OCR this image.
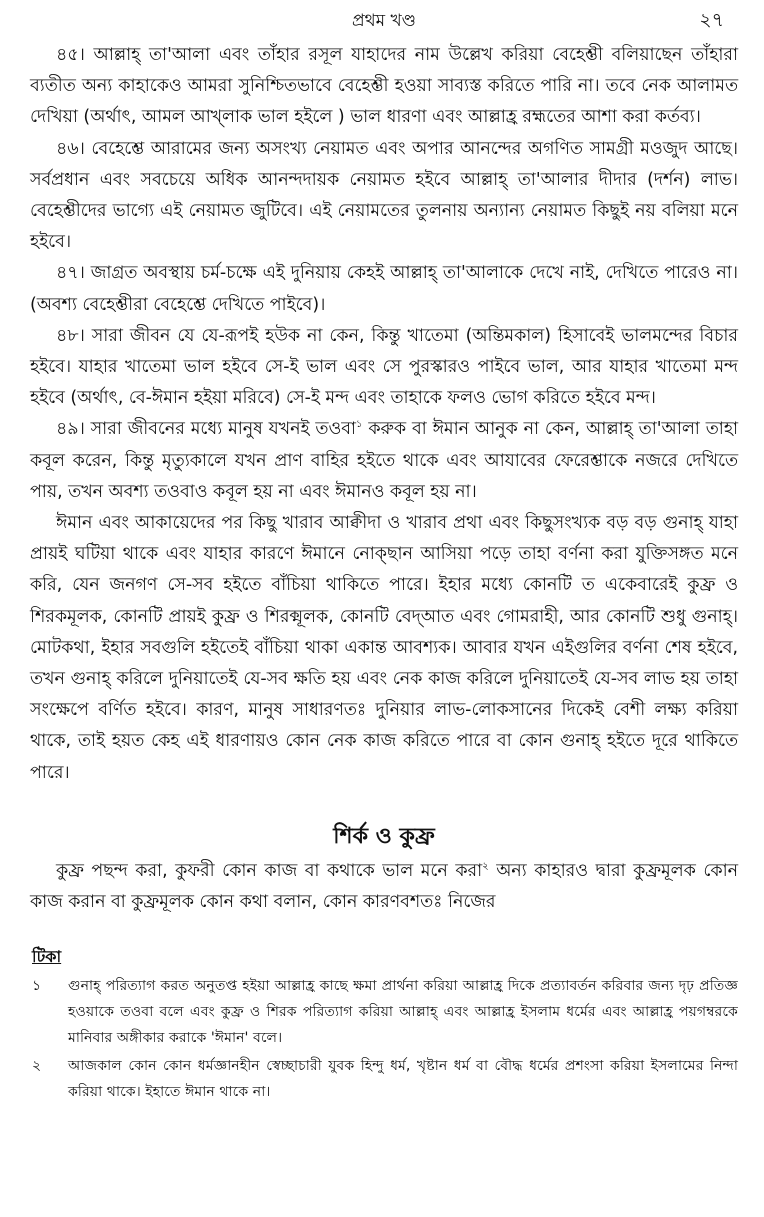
প্রথম খণ্ড	২৭

৪৫। আল্লাহ্ তা'আলা এবং তাঁহার রসূল যাহাদের নাম উল্লেখ করিয়া বেহেশ্তী বলিয়াছেন তাঁহারা ব্যতীত অন্য কাহাকেও আমরা সুনিশ্চিতভাবে বেহেশ্তী হওয়া সাব্যস্ত করিতে পারি না। তবে নেক আলামত দেখিয়া (অর্থাৎ, আমল আখ্লাক ভাল হইলে ) ভাল ধারণা এবং আল্লাহ্র রহ্মতের আশা করা কর্তব্য।

৪৬। বেহেশ্তে আরামের জন্য অসংখ্য নেয়ামত এবং অপার আনন্দের অগণিত সামগ্রী মওজুদ আছে। সর্বপ্রধান এবং সবচেয়ে অধিক আনন্দদায়ক নেয়ামত হইবে আল্লাহ্ তা'আলার দীদার (দর্শন) লাভ। বেহেশ্তীদের ভাগ্যে এই নেয়ামত জুটিবে। এই নেয়ামতের তুলনায় অন্যান্য নেয়ামত কিছুই নয় বলিয়া মনে হইবে।

৪৭। জাগ্রত অবস্থায় চর্ম-চক্ষে এই দুনিয়ায় কেহই আল্লাহ্ তা'আলাকে দেখে নাই, দেখিতে পারেও না। (অবশ্য বেহেশ্তীরা বেহেশ্তে দেখিতে পাইবে)।

৪৮। সারা জীবন যে যে-রূপই হউক না কেন, কিন্তু খাতেমা (অন্তিমকাল) হিসাবেই ভালমন্দের বিচার হইবে। যাহার খাতেমা ভাল হইবে সে-ই ভাল এবং সে পুরস্কারও পাইবে ভাল, আর যাহার খাতেমা মন্দ হইবে (অর্থাৎ, বে-ঈমান হইয়া মরিবে) সে-ই মন্দ এবং তাহাকে ফলও ভোগ করিতে হইবে মন্দ।

৪৯। সারা জীবনের মধ্যে মানুষ যখনই তওবা$^১$ করুক বা ঈমান আনুক না কেন, আল্লাহ্ তা'আলা তাহা কবূল করেন, কিন্তু মৃত্যুকালে যখন প্রাণ বাহির হইতে থাকে এবং আযাবের ফেরেশ্তাকে নজরে দেখিতে পায়, তখন অবশ্য তওবাও কবূল হয় না এবং ঈমানও কবূল হয় না।

ঈমান এবং আকায়েদের পর কিছু খারাব আক্বীদা ও খারাব প্রথা এবং কিছুসংখ্যক বড় বড় গুনাহ্ যাহা প্রায়ই ঘটিয়া থাকে এবং যাহার কারণে ঈমানে নোক্ছান আসিয়া পড়ে তাহা বর্ণনা করা যুক্তিসঙ্গত মনে করি, যেন জনগণ সে-সব হইতে বাঁচিয়া থাকিতে পারে। ইহার মধ্যে কোনটি ত একেবারেই কুফ্র ও শিরকমূলক, কোনটি প্রায়ই কুফ্র ও শিরক্মূলক, কোনটি বেদ্আত এবং গোমরাহী, আর কোনটি শুধু গুনাহ্। মোটকথা, ইহার সবগুলি হইতেই বাঁচিয়া থাকা একান্ত আবশ্যক। আবার যখন এইগুলির বর্ণনা শেষ হইবে, তখন গুনাহ্ করিলে দুনিয়াতেই যে-সব ক্ষতি হয় এবং নেক কাজ করিলে দুনিয়াতেই যে-সব লাভ হয় তাহা সংক্ষেপে বর্ণিত হইবে। কারণ, মানুষ সাধারণতঃ দুনিয়ার লাভ-লোকসানের দিকেই বেশী লক্ষ্য করিয়া থাকে, তাই হয়ত কেহ এই ধারণায়ও কোন নেক কাজ করিতে পারে বা কোন গুনাহ্ হইতে দূরে থাকিতে পারে।

শির্ক ও কুফ্র

কুফ্র পছন্দ করা, কুফরী কোন কাজ বা কথাকে ভাল মনে করা$^২$ অন্য কাহারও দ্বারা কুফ্রমূলক কোন কাজ করান বা কুফ্রমূলক কোন কথা বলান, কোন কারণবশতঃ নিজের

টিকা
১	গুনাহ্ পরিত্যাগ করত অনুতপ্ত হইয়া আল্লাহ্র কাছে ক্ষমা প্রার্থনা করিয়া আল্লাহ্র দিকে প্রত্যাবর্তন করিবার জন্য দৃঢ় প্রতিজ্ঞ হওয়াকে তওবা বলে এবং কুফ্র ও শিরক পরিত্যাগ করিয়া আল্লাহ্ এবং আল্লাহ্র ইসলাম ধর্মের এবং আল্লাহ্র পয়গম্বরকে মানিবার অঙ্গীকার করাকে 'ঈমান' বলে।
২	আজকাল কোন কোন ধর্মজ্ঞানহীন স্বেচ্ছাচারী যুবক হিন্দু ধর্ম, খৃষ্টান ধর্ম বা বৌদ্ধ ধর্মের প্রশংসা করিয়া ইসলামের নিন্দা করিয়া থাকে। ইহাতে ঈমান থাকে না।
